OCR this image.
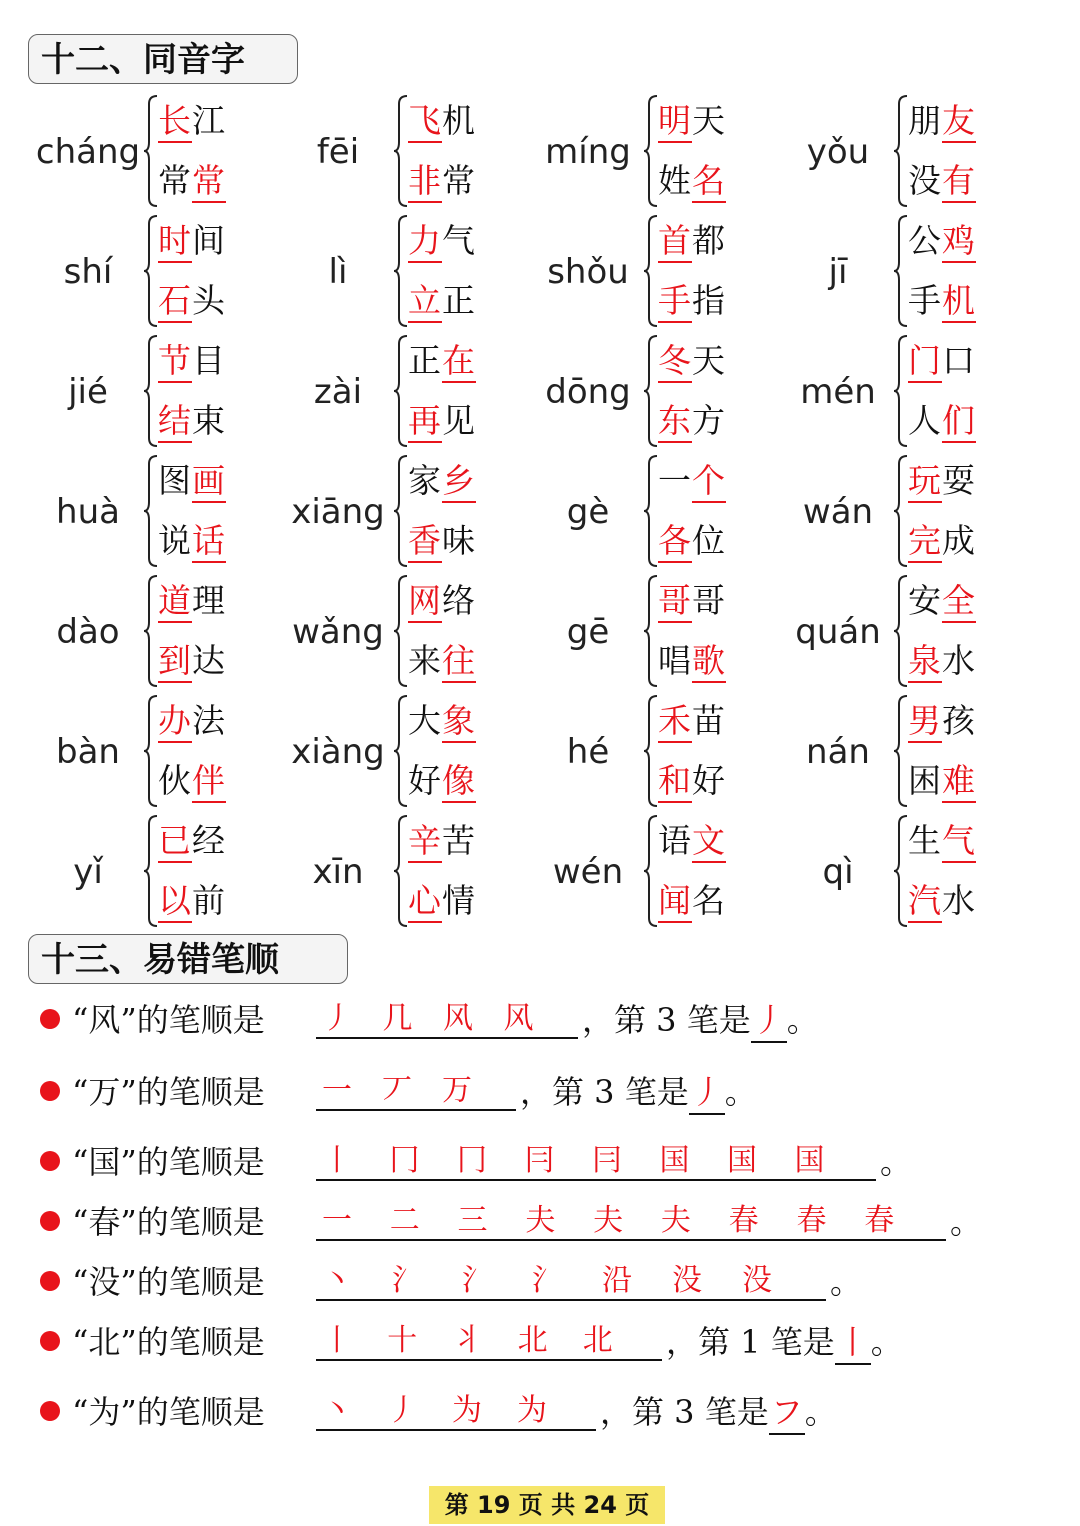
十二、同音字
cháng
长江
常常
fēi
飞机
非常
míng
明天
姓名
yǒu
朋友
没有
shí
时间
石头
lì
力气
立正
shǒu
首都
手指
jī
公鸡
手机
jié
节目
结束
zài
正在
再见
dōng
冬天
东方
mén
门口
人们
huà
图画
说话
xiāng
家乡
香味
gè
一个
各位
wán
玩耍
完成
dào
道理
到达
wǎng
网络
来往
gē
哥哥
唱歌
quán
安全
泉水
bàn
办法
伙伴
xiàng
大象
好像
hé
禾苗
和好
nán
男孩
困难
yǐ
已经
以前
xīn
辛苦
心情
wén
语文
闻名
qì
生气
汽水
十三、易错笔顺
“风”的笔顺是 丿 几 风 风 ，第 3 笔是丿。
“万”的笔顺是 一 丆 万 ，第 3 笔是丿。
“国”的笔顺是 丨 冂 冂 冃 冃 国 国 国 。
“春”的笔顺是 一 二 三 夫 夫 夫 春 春 春 。
“没”的笔顺是 丶 氵 氵 氵 沿 没 没 。
“北”的笔顺是 丨 十 丬 北 北 ，第 1 笔是丨。
“为”的笔顺是 丶 丿 为 为 ，第 3 笔是フ。
第 19 页 共 24 页
